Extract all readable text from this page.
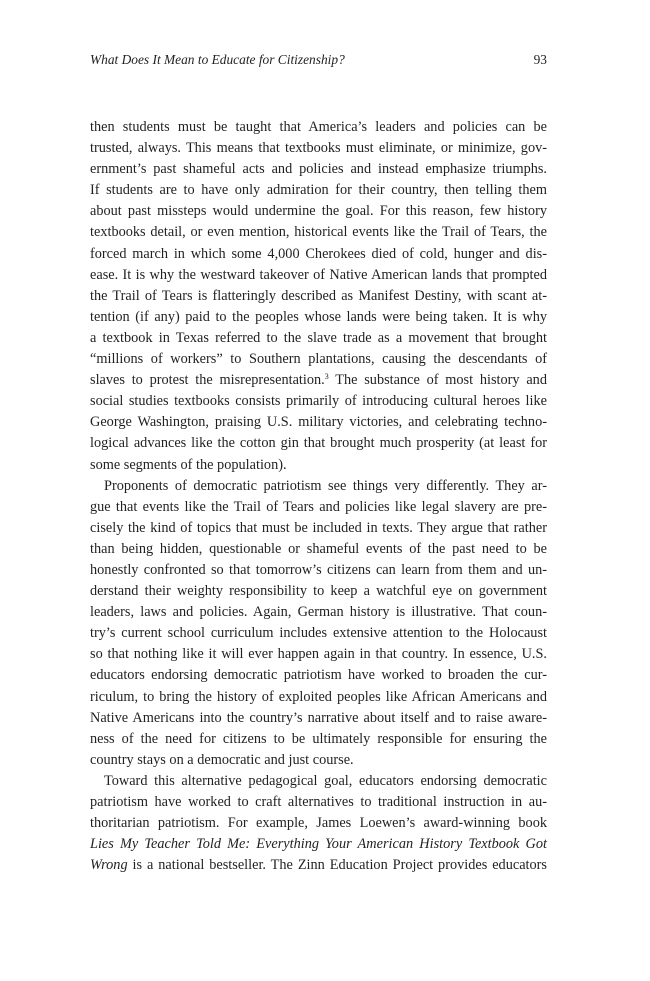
What Does It Mean to Educate for Citizenship?	93

then students must be taught that America’s leaders and policies can be
trusted, always. This means that textbooks must eliminate, or minimize, gov-
ernment’s past shameful acts and policies and instead emphasize triumphs.
If students are to have only admiration for their country, then telling them
about past missteps would undermine the goal. For this reason, few history
textbooks detail, or even mention, historical events like the Trail of Tears, the
forced march in which some 4,000 Cherokees died of cold, hunger and dis-
ease. It is why the westward takeover of Native American lands that prompted
the Trail of Tears is flatteringly described as Manifest Destiny, with scant at-
tention (if any) paid to the peoples whose lands were being taken. It is why
a textbook in Texas referred to the slave trade as a movement that brought
“millions of workers” to Southern plantations, causing the descendants of
slaves to protest the misrepresentation.$^3$ The substance of most history and
social studies textbooks consists primarily of introducing cultural heroes like
George Washington, praising U.S. military victories, and celebrating techno-
logical advances like the cotton gin that brought much prosperity (at least for
some segments of the population).

Proponents of democratic patriotism see things very differently. They ar-
gue that events like the Trail of Tears and policies like legal slavery are pre-
cisely the kind of topics that must be included in texts. They argue that rather
than being hidden, questionable or shameful events of the past need to be
honestly confronted so that tomorrow’s citizens can learn from them and un-
derstand their weighty responsibility to keep a watchful eye on government
leaders, laws and policies. Again, German history is illustrative. That coun-
try’s current school curriculum includes extensive attention to the Holocaust
so that nothing like it will ever happen again in that country. In essence, U.S.
educators endorsing democratic patriotism have worked to broaden the cur-
riculum, to bring the history of exploited peoples like African Americans and
Native Americans into the country’s narrative about itself and to raise aware-
ness of the need for citizens to be ultimately responsible for ensuring the
country stays on a democratic and just course.

Toward this alternative pedagogical goal, educators endorsing democratic
patriotism have worked to craft alternatives to traditional instruction in au-
thoritarian patriotism. For example, James Loewen’s award-winning book
Lies My Teacher Told Me: Everything Your American History Textbook Got
Wrong is a national bestseller. The Zinn Education Project provides educators
